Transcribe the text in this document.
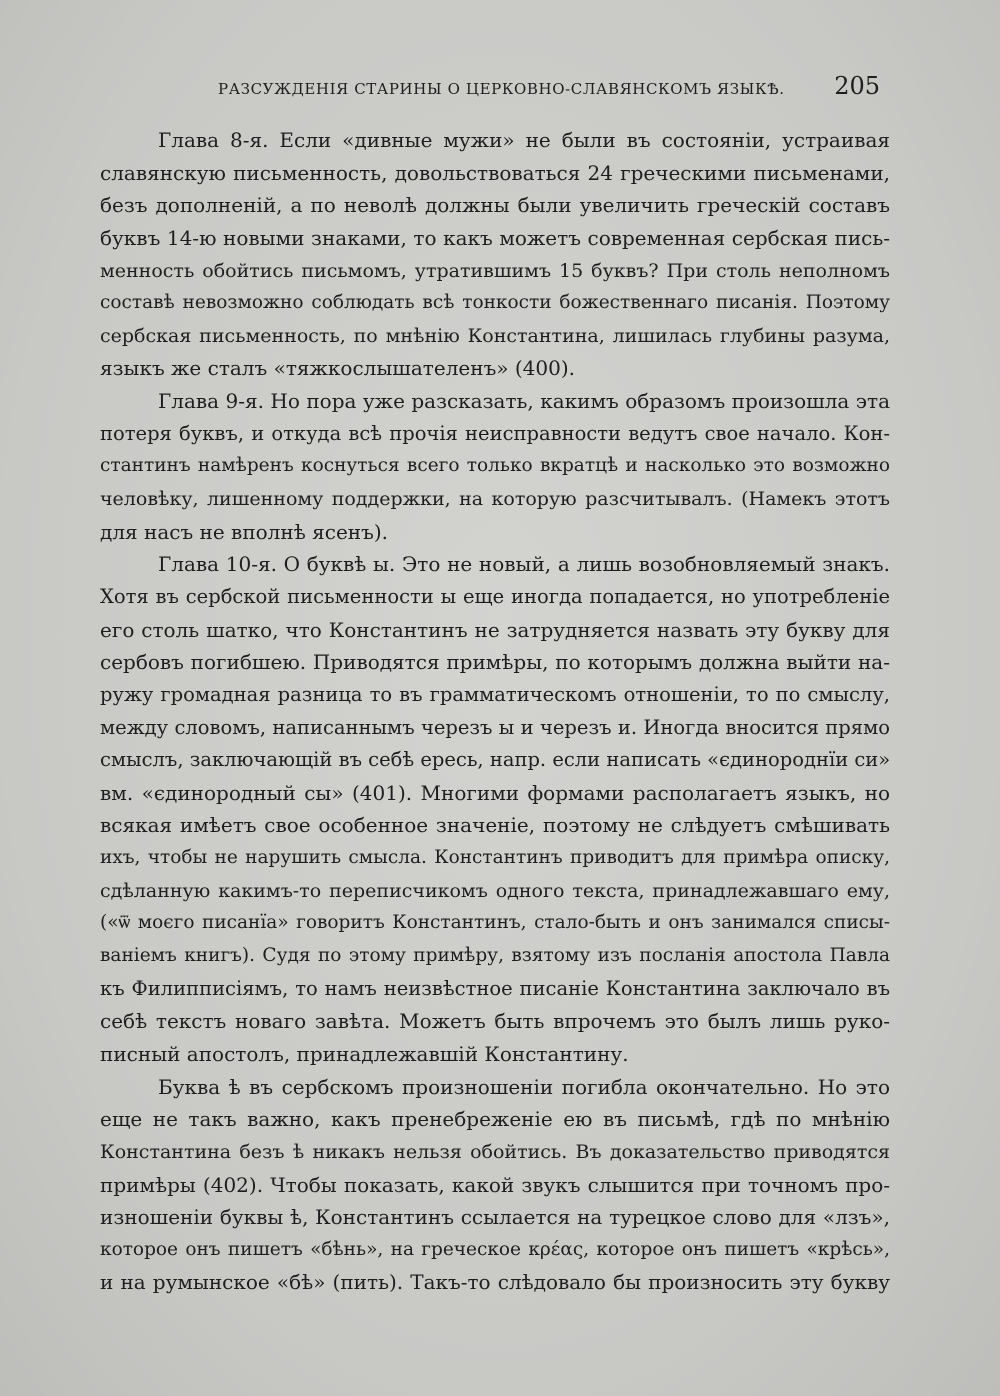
РАЗСУЖДЕНІЯ СТАРИНЫ О ЦЕРКОВНО-СЛАВЯНСКОМЪ ЯЗЫКѢ. 205
Глава 8-я. Если «дивные мужи» не были въ состояніи, устраивая
славянскую письменность, довольствоваться 24 греческими письменами,
безъ дополненій, а по неволѣ должны были увеличить греческій составъ
буквъ 14-ю новыми знаками, то какъ можетъ современная сербская пись-
менность обойтись письмомъ, утратившимъ 15 буквъ? При столь неполномъ
составѣ невозможно соблюдать всѣ тонкости божественнаго писанія. Поэтому
сербская письменность, по мнѣнію Константина, лишилась глубины разума,
языкъ же сталъ «тяжкослышателенъ» (400).
Глава 9-я. Но пора уже разсказать, какимъ образомъ произошла эта
потеря буквъ, и откуда всѣ прочія неисправности ведутъ свое начало. Кон-
стантинъ намѣренъ коснуться всего только вкратцѣ и насколько это возможно
человѣку, лишенному поддержки, на которую разсчитывалъ. (Намекъ этотъ
для насъ не вполнѣ ясенъ).
Глава 10-я. О буквѣ ы. Это не новый, а лишь возобновляемый знакъ.
Хотя въ сербской письменности ы еще иногда попадается, но употребленіе
его столь шатко, что Константинъ не затрудняется назвать эту букву для
сербовъ погибшею. Приводятся примѣры, по которымъ должна выйти на-
ружу громадная разница то въ грамматическомъ отношеніи, то по смыслу,
между словомъ, написаннымъ черезъ ы и черезъ и. Иногда вносится прямо
смыслъ, заключающій въ себѣ ересь, напр. если написать «єдинороднїи си»
вм. «єдинородный сы» (401). Многими формами располагаетъ языкъ, но
всякая имѣетъ свое особенное значеніе, поэтому не слѣдуетъ смѣшивать
ихъ, чтобы не нарушить смысла. Константинъ приводитъ для примѣра описку,
сдѣланную какимъ-то переписчикомъ одного текста, принадлежавшаго ему,
(«ѿ моєго писанїа» говоритъ Константинъ, стало-быть и онъ занимался списы-
ваніемъ книгъ). Судя по этому примѣру, взятому изъ посланія апостола Павла
къ Филипписіямъ, то намъ неизвѣстное писаніе Константина заключало въ
себѣ текстъ новаго завѣта. Можетъ быть впрочемъ это былъ лишь руко-
писный апостолъ, принадлежавшій Константину.
Буква ѣ въ сербскомъ произношеніи погибла окончательно. Но это
еще не такъ важно, какъ пренебреженіе ею въ письмѣ, гдѣ по мнѣнію
Константина безъ ѣ никакъ нельзя обойтись. Въ доказательство приводятся
примѣры (402). Чтобы показать, какой звукъ слышится при точномъ про-
изношеніи буквы ѣ, Константинъ ссылается на турецкое слово для «лзъ»,
которое онъ пишетъ «бѣнь», на греческое κρέας, которое онъ пишетъ «крѣсь»,
и на румынское «бѣ» (пить). Такъ-то слѣдовало бы произносить эту букву
